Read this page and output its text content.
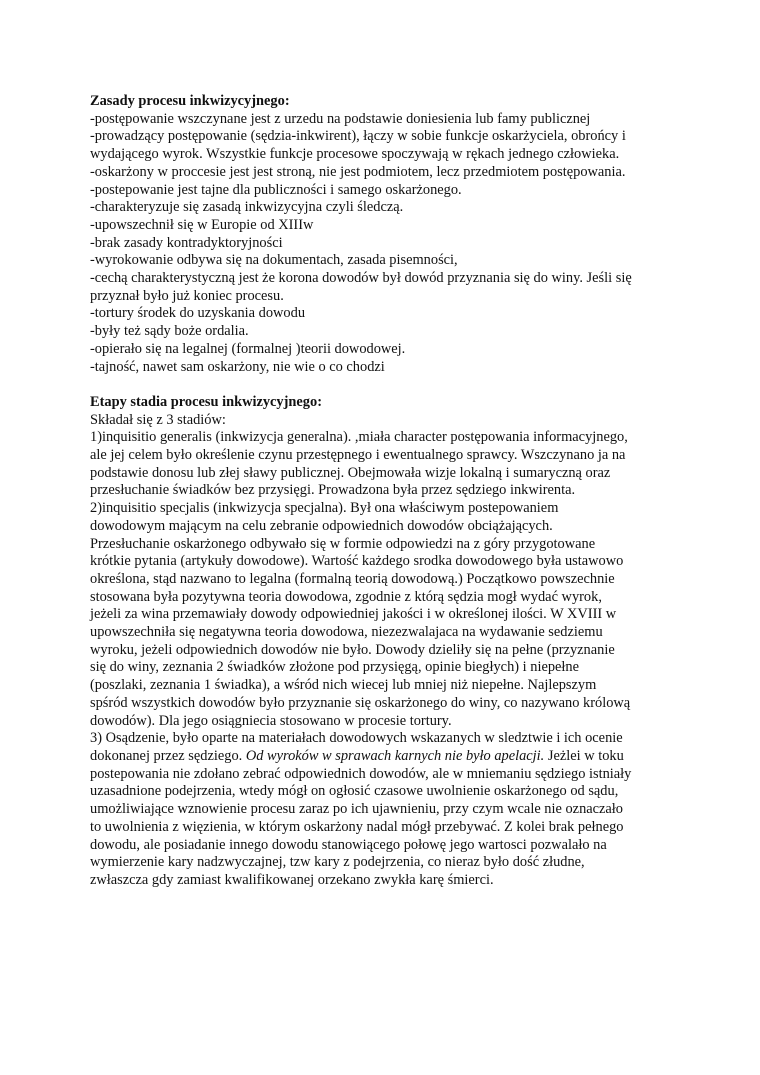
Zasady procesu inkwizycyjnego:

-postępowanie wszczynane jest z urzedu na podstawie doniesienia lub famy publicznej

-prowadzący postępowanie (sędzia-inkwirent), łączy w sobie funkcje oskarżyciela, obrońcy i

wydającego wyrok. Wszystkie funkcje procesowe spoczywają w rękach jednego człowieka.

-oskarżony w proccesie jest jest stroną, nie jest podmiotem, lecz przedmiotem postępowania.

-postepowanie jest tajne dla publiczności i samego oskarżonego.

-charakteryzuje się zasadą inkwizycyjna czyli śledczą.

-upowszechnił się w Europie od XIIIw

-brak zasady kontradyktoryjności

-wyrokowanie odbywa się na dokumentach, zasada pisemności,

-cechą charakterystyczną jest że korona dowodów był dowód przyznania się do winy. Jeśli się

przyznał było już koniec procesu.

-tortury środek do uzyskania dowodu

-były też sądy boże ordalia.

-opierało się na legalnej (formalnej )teorii dowodowej.

-tajność, nawet sam oskarżony, nie wie o co chodzi

Etapy stadia procesu inkwizycyjnego:

Składał się z 3 stadiów:

1)inquisitio generalis (inkwizycja generalna). ,miała character postępowania informacyjnego,

ale jej celem było określenie czynu przestępnego i ewentualnego sprawcy. Wszczynano ja na

podstawie donosu lub złej sławy publicznej. Obejmowała wizje lokalną i sumaryczną oraz

przesłuchanie świadków bez przysięgi. Prowadzona była przez sędziego inkwirenta.

2)inquisitio specjalis (inkwizycja specjalna). Był ona właściwym postepowaniem

dowodowym mającym na celu zebranie odpowiednich dowodów obciążających.

Przesłuchanie oskarżonego odbywało się w formie odpowiedzi na z góry przygotowane

krótkie pytania (artykuły dowodowe). Wartość każdego srodka dowodowego była ustawowo

określona, stąd nazwano to legalna (formalną teorią dowodową.) Początkowo powszechnie

stosowana była pozytywna teoria dowodowa, zgodnie z którą sędzia mogł wydać wyrok,

jeżeli za wina przemawiały dowody odpowiedniej jakości i w określonej ilości. W XVIII w

upowszechniła się negatywna teoria dowodowa, niezezwalajaca na wydawanie sedziemu

wyroku, jeżeli odpowiednich dowodów nie było. Dowody dzieliły się na pełne (przyznanie

się do winy, zeznania 2 świadków złożone pod przysięgą, opinie biegłych) i niepełne

(poszlaki, zeznania 1 świadka), a wśród nich wiecej lub mniej niż niepełne. Najlepszym

spśród wszystkich dowodów było przyznanie się oskarżonego do winy, co nazywano królową

dowodów). Dla jego osiągniecia stosowano w procesie tortury.

3) Osądzenie, było oparte na materiałach dowodowych wskazanych w sledztwie i ich ocenie

dokonanej przez sędziego. Od wyroków w sprawach karnych nie było apelacji. Jeżlei w toku

postepowania nie zdołano zebrać odpowiednich dowodów, ale w mniemaniu sędziego istniały

uzasadnione podejrzenia, wtedy mógł on ogłosić czasowe uwolnienie oskarżonego od sądu,

umożliwiające wznowienie procesu zaraz po ich ujawnieniu, przy czym wcale nie oznaczało

to uwolnienia z więzienia, w którym oskarżony nadal mógł przebywać. Z kolei brak pełnego

dowodu, ale posiadanie innego dowodu stanowiącego połowę jego wartosci pozwalało na

wymierzenie kary nadzwyczajnej, tzw kary z podejrzenia, co nieraz było dość złudne,

zwłaszcza gdy zamiast kwalifikowanej orzekano zwykła karę śmierci.
